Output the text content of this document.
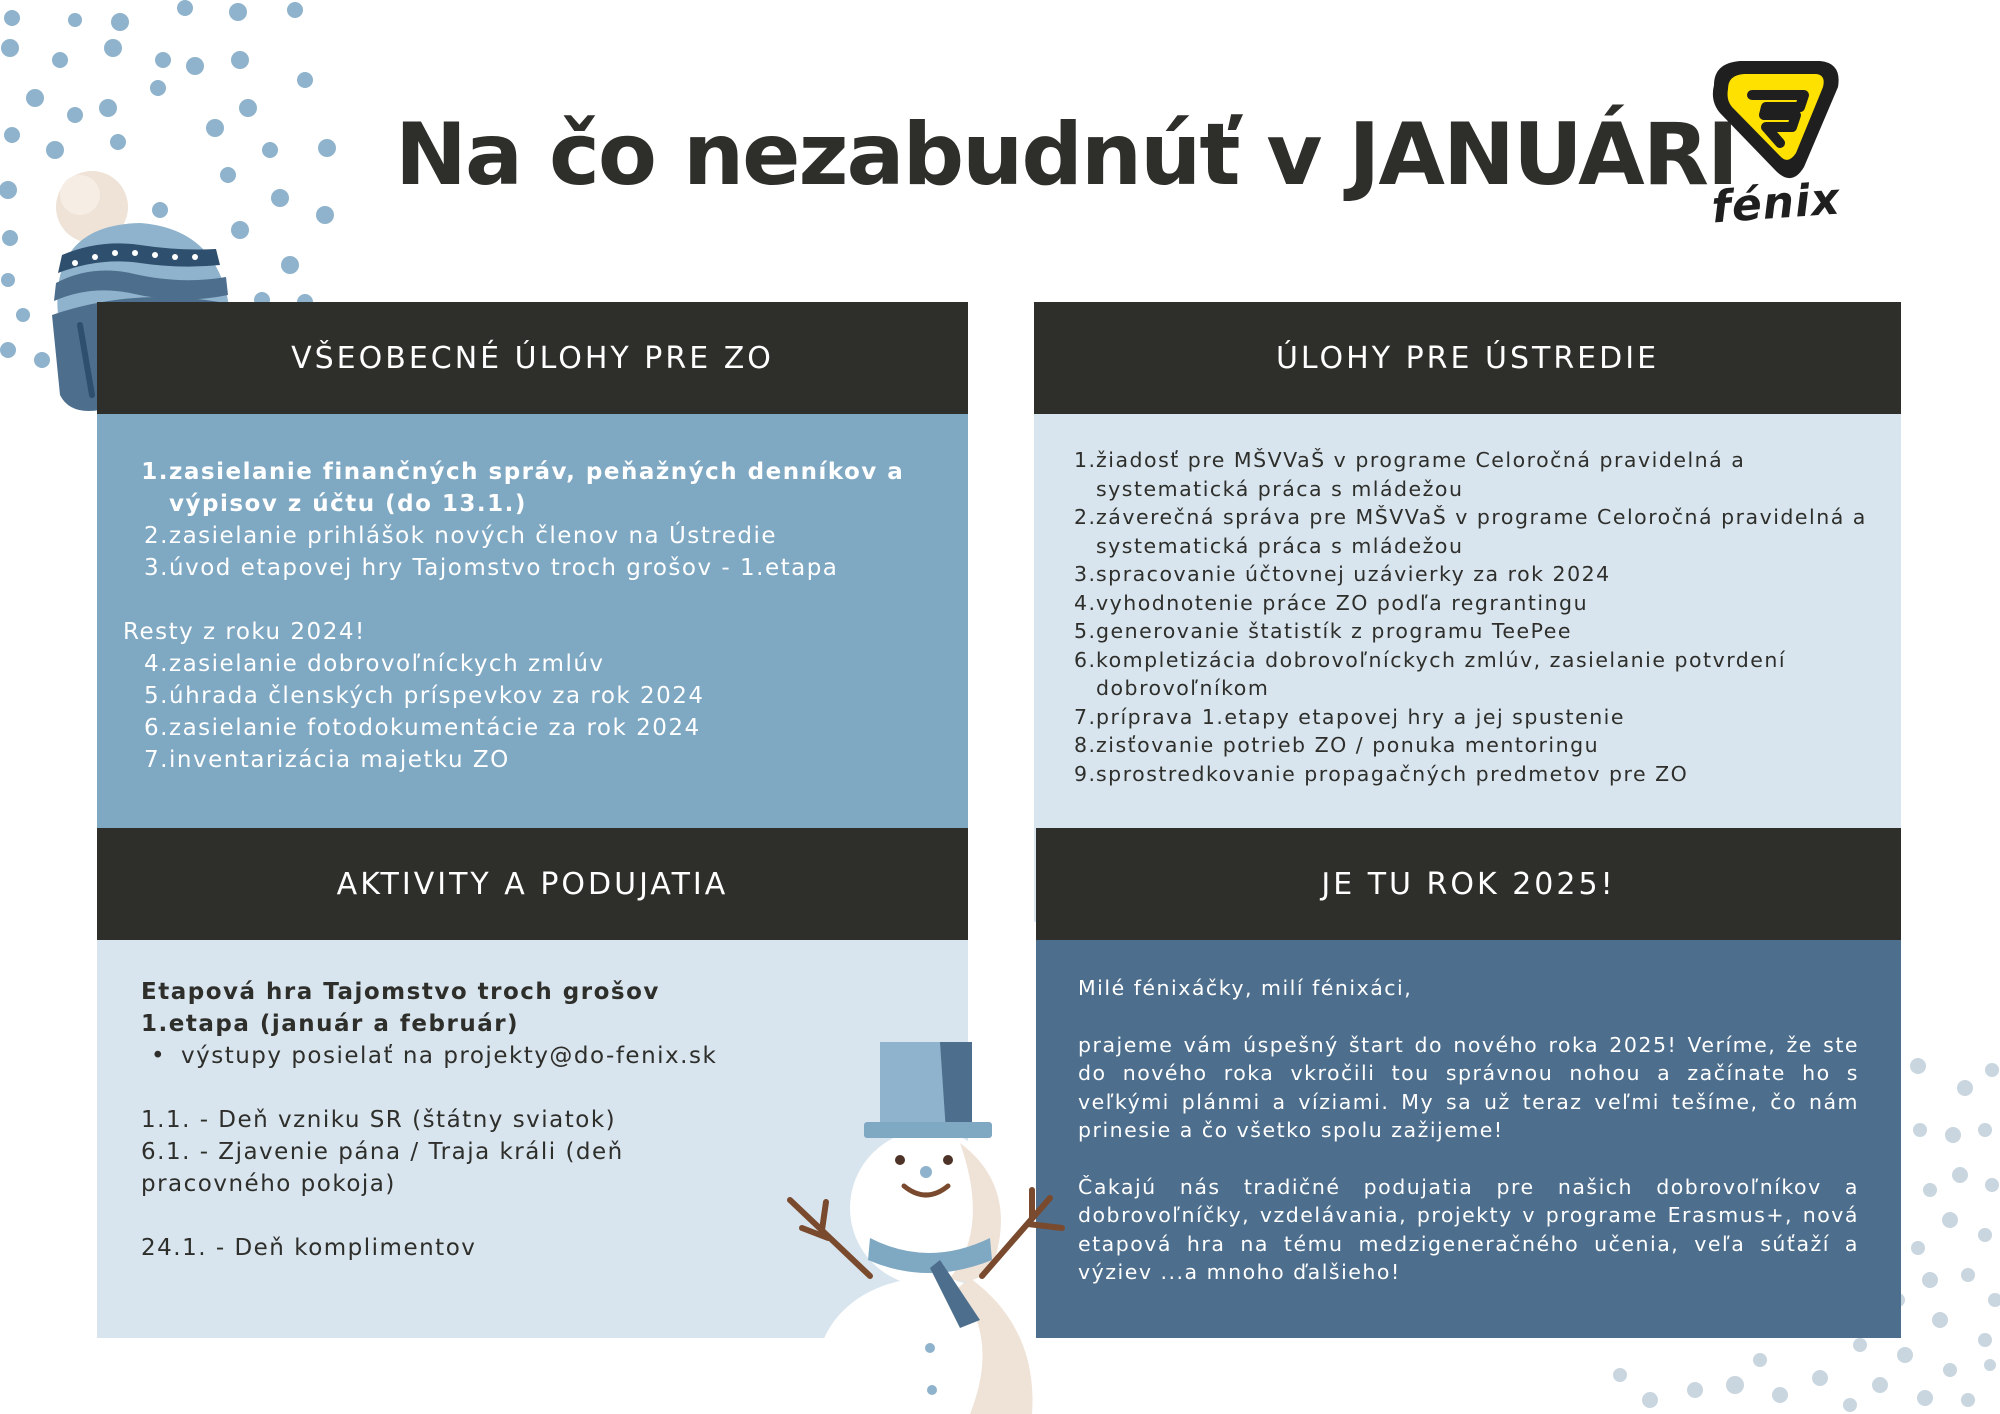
Na čo nezabudnúť v JANUÁRI
fénix
VŠEOBECNÉ ÚLOHY PRE ZO
1. zasielanie finančných správ, peňažných denníkov a výpisov z účtu (do 13.1.)
2. zasielanie prihlášok nových členov na Ústredie
3. úvod etapovej hry Tajomstvo troch grošov - 1.etapa
Resty z roku 2024!
4. zasielanie dobrovoľníckych zmlúv
5. úhrada členských príspevkov za rok 2024
6. zasielanie fotodokumentácie za rok 2024
7. inventarizácia majetku ZO
ÚLOHY PRE ÚSTREDIE
1. žiadosť pre MŠVVaŠ v programe Celoročná pravidelná a systematická práca s mládežou
2. záverečná správa pre MŠVVaŠ v programe Celoročná pravidelná a systematická práca s mládežou
3. spracovanie účtovnej uzávierky za rok 2024
4. vyhodnotenie práce ZO podľa regrantingu
5. generovanie štatistík z programu TeePee
6. kompletizácia dobrovoľníckych zmlúv, zasielanie potvrdení dobrovoľníkom
7. príprava 1.etapy etapovej hry a jej spustenie
8. zisťovanie potrieb ZO / ponuka mentoringu
9. sprostredkovanie propagačných predmetov pre ZO
AKTIVITY A PODUJATIA

Etapová hra Tajomstvo troch grošov

1.etapa (január a február)

• výstupy posielať na projekty@do-fenix.sk

1.1. - Deň vzniku SR (štátny sviatok)

6.1. - Zjavenie pána / Traja králi (deň pracovného pokoja)

24.1. - Deň komplimentov

JE TU ROK 2025!

Milé fénixáčky, milí fénixáci,

prajeme vám úspešný štart do nového roka 2025! Veríme, že ste do nového roka vkročili tou správnou nohou a začínate ho s veľkými plánmi a víziami. My sa už teraz veľmi tešíme, čo nám prinesie a čo všetko spolu zažijeme!

Čakajú nás tradičné podujatia pre našich dobrovoľníkov a dobrovoľníčky, vzdelávania, projekty v programe Erasmus+, nová etapová hra na tému medzigeneračného učenia, veľa súťaží a výziev ...a mnoho ďalšieho!
